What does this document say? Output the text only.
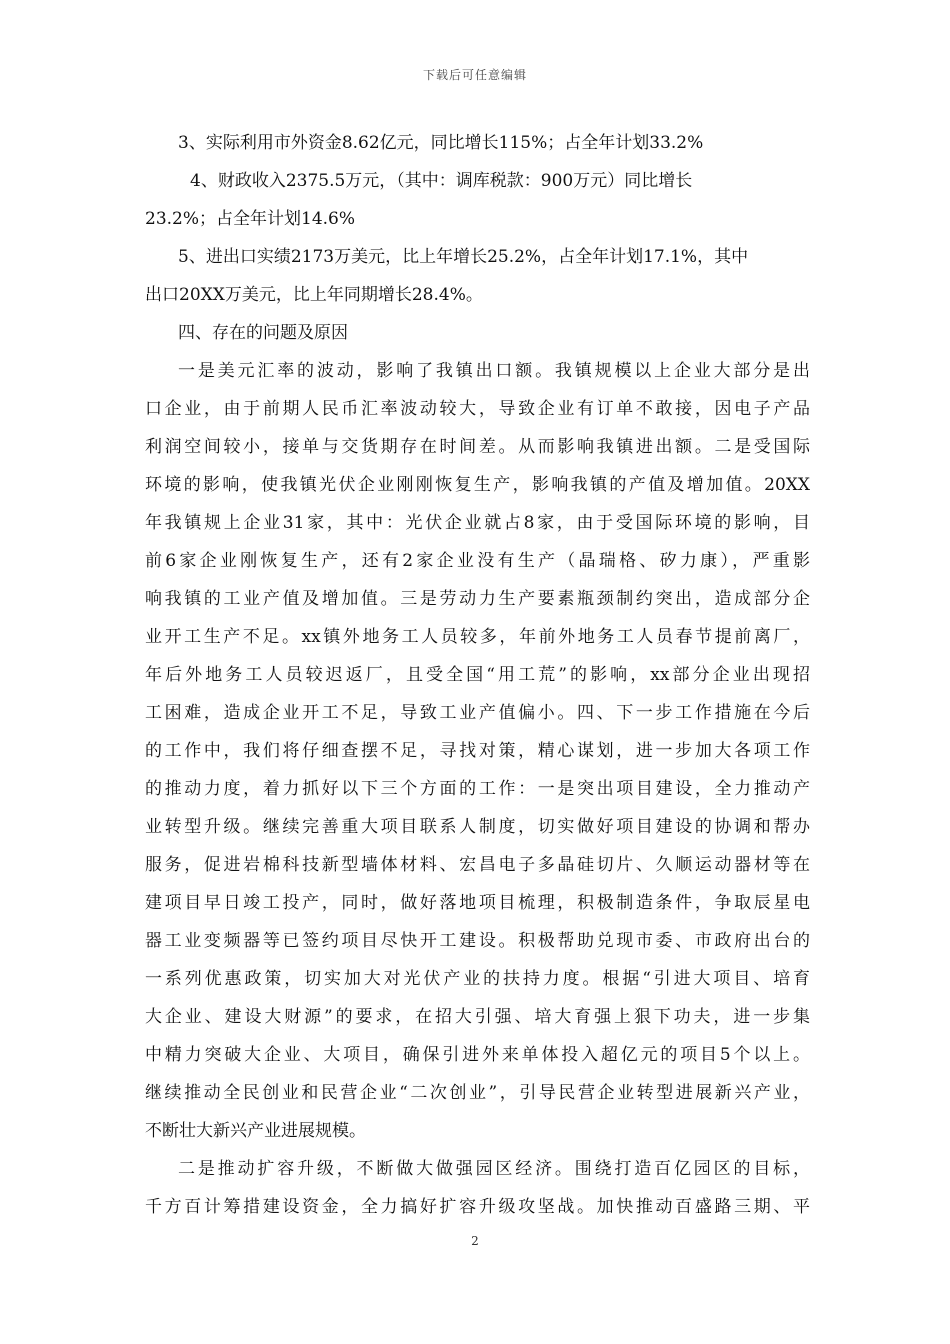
下载后可任意编辑
3、实际利用市外资金8.62亿元，同比增长115%；占全年计划33.2%
4、财政收入2375.5万元，（其中：调库税款：900万元）同比增长
23.2%；占全年计划14.6%
5、进出口实绩2173万美元，比上年增长25.2%，占全年计划17.1%，其中
出口20XX万美元，比上年同期增长28.4%。
四、存在的问题及原因
一是美元汇率的波动，影响了我镇出口额。我镇规模以上企业大部分是出
口企业，由于前期人民币汇率波动较大，导致企业有订单不敢接，因电子产品
利润空间较小，接单与交货期存在时间差。从而影响我镇进出额。二是受国际
环境的影响，使我镇光伏企业刚刚恢复生产，影响我镇的产值及增加值。20XX
年我镇规上企业31家，其中：光伏企业就占8家，由于受国际环境的影响，目
前6家企业刚恢复生产，还有2家企业没有生产（晶瑞格、矽力康），严重影
响我镇的工业产值及增加值。三是劳动力生产要素瓶颈制约突出，造成部分企
业开工生产不足。xx镇外地务工人员较多，年前外地务工人员春节提前离厂，
年后外地务工人员较迟返厂，且受全国“用工荒”的影响，xx部分企业出现招
工困难，造成企业开工不足，导致工业产值偏小。四、下一步工作措施在今后
的工作中，我们将仔细查摆不足，寻找对策，精心谋划，进一步加大各项工作
的推动力度，着力抓好以下三个方面的工作：一是突出项目建设，全力推动产
业转型升级。继续完善重大项目联系人制度，切实做好项目建设的协调和帮办
服务，促进岩棉科技新型墙体材料、宏昌电子多晶硅切片、久顺运动器材等在
建项目早日竣工投产，同时，做好落地项目梳理，积极制造条件，争取辰星电
器工业变频器等已签约项目尽快开工建设。积极帮助兑现市委、市政府出台的
一系列优惠政策，切实加大对光伏产业的扶持力度。根据“引进大项目、培育
大企业、建设大财源”的要求，在招大引强、培大育强上狠下功夫，进一步集
中精力突破大企业、大项目，确保引进外来单体投入超亿元的项目5个以上。
继续推动全民创业和民营企业“二次创业”，引导民营企业转型进展新兴产业，
不断壮大新兴产业进展规模。
二是推动扩容升级，不断做大做强园区经济。围绕打造百亿园区的目标，
千方百计筹措建设资金，全力搞好扩容升级攻坚战。加快推动百盛路三期、平
2
